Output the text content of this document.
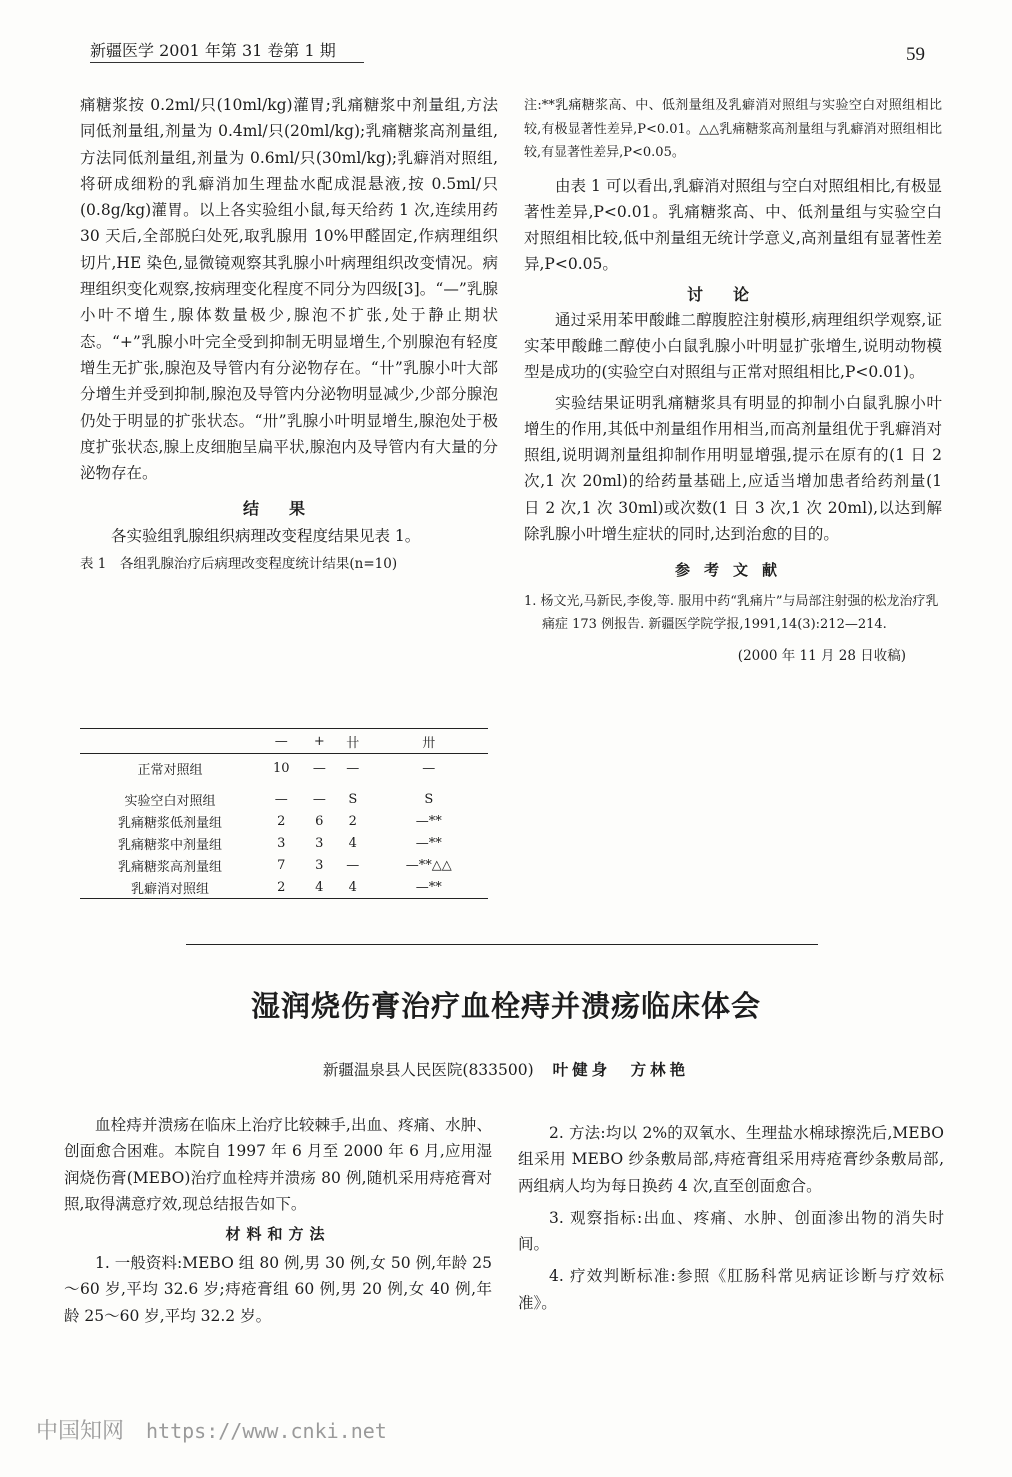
新疆医学 2001 年第 31 卷第 1 期	59

痛糖浆按 0.2ml/只(10ml/kg)灌胃;乳痛糖浆中剂量组,方法同低剂量组,剂量为 0.4ml/只(20ml/kg);乳痛糖浆高剂量组,方法同低剂量组,剂量为 0.6ml/只(30ml/kg);乳癖消对照组,将研成细粉的乳癖消加生理盐水配成混悬液,按 0.5ml/只(0.8g/kg)灌胃。以上各实验组小鼠,每天给药 1 次,连续用药 30 天后,全部脱臼处死,取乳腺用 10%甲醛固定,作病理组织切片,HE 染色,显微镜观察其乳腺小叶病理组织改变情况。病理组织变化观察,按病理变化程度不同分为四级[3]。“—”乳腺小叶不增生,腺体数量极少,腺泡不扩张,处于静止期状态。“+”乳腺小叶完全受到抑制无明显增生,个别腺泡有轻度增生无扩张,腺泡及导管内有分泌物存在。“卄”乳腺小叶大部分增生并受到抑制,腺泡及导管内分泌物明显减少,少部分腺泡仍处于明显的扩张状态。“卅”乳腺小叶明显增生,腺泡处于极度扩张状态,腺上皮细胞呈扁平状,腺泡内及导管内有大量的分泌物存在。

结果

各实验组乳腺组织病理改变程度结果见表 1。

表 1　各组乳腺治疗后病理改变程度统计结果(n=10)
	—	+	卄	卅
正常对照组	10	—	—	—

实验空白对照组	—	—	S	S
乳痛糖浆低剂量组	2	6	2	—**
乳痛糖浆中剂量组	3	3	4	—**
乳痛糖浆高剂量组	7	3	—	—**△△
乳癖消对照组	2	4	4	—**

注:**乳痛糖浆高、中、低剂量组及乳癖消对照组与实验空白对照组相比较,有极显著性差异,P<0.01。△△乳痛糖浆高剂量组与乳癖消对照组相比较,有显著性差异,P<0.05。

由表 1 可以看出,乳癖消对照组与空白对照组相比,有极显著性差异,P<0.01。乳痛糖浆高、中、低剂量组与实验空白对照组相比较,低中剂量组无统计学意义,高剂量组有显著性差异,P<0.05。

讨论

通过采用苯甲酸雌二醇腹腔注射模形,病理组织学观察,证实苯甲酸雌二醇使小白鼠乳腺小叶明显扩张增生,说明动物模型是成功的(实验空白对照组与正常对照组相比,P<0.01)。

实验结果证明乳痛糖浆具有明显的抑制小白鼠乳腺小叶增生的作用,其低中剂量组作用相当,而高剂量组优于乳癖消对照组,说明调剂量组抑制作用明显增强,提示在原有的(1 日 2 次,1 次 20ml)的给药量基础上,应适当增加患者给药剂量(1 日 2 次,1 次 30ml)或次数(1 日 3 次,1 次 20ml),以达到解除乳腺小叶增生症状的同时,达到治愈的目的。

参考文献

1. 杨文光,马新民,李俊,等. 服用中药“乳痛片”与局部注射强的松龙治疗乳痛症 173 例报告. 新疆医学院学报,1991,14(3):212—214.

(2000 年 11 月 28 日收稿)
湿润烧伤膏治疗血栓痔并溃疡临床体会
新疆温泉县人民医院(833500) 叶健身　方林艳

血栓痔并溃疡在临床上治疗比较棘手,出血、疼痛、水肿、创面愈合困难。本院自 1997 年 6 月至 2000 年 6 月,应用湿润烧伤膏(MEBO)治疗血栓痔并溃疡 80 例,随机采用痔疮膏对照,取得满意疗效,现总结报告如下。

材料和方法

1. 一般资料:MEBO 组 80 例,男 30 例,女 50 例,年龄 25～60 岁,平均 32.6 岁;痔疮膏组 60 例,男 20 例,女 40 例,年龄 25～60 岁,平均 32.2 岁。

2. 方法:均以 2%的双氧水、生理盐水棉球擦洗后,MEBO 组采用 MEBO 纱条敷局部,痔疮膏组采用痔疮膏纱条敷局部,两组病人均为每日换药 4 次,直至创面愈合。

3. 观察指标:出血、疼痛、水肿、创面渗出物的消失时间。

4. 疗效判断标准:参照《肛肠科常见病证诊断与疗效标准》。

中国知网 https://www.cnki.net
